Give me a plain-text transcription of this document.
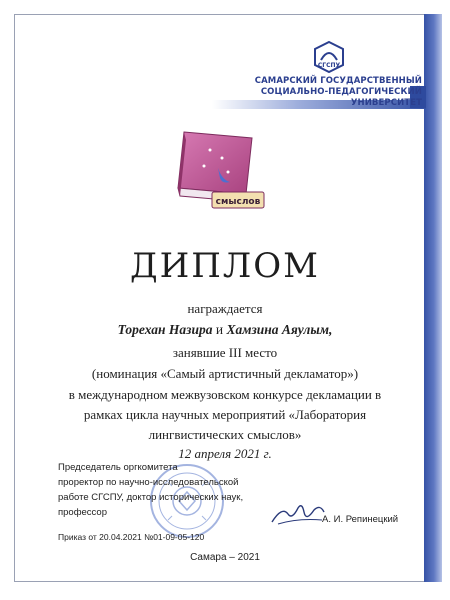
СГСПУ
САМАРСКИЙ ГОСУДАРСТВЕННЫЙ
СОЦИАЛЬНО-ПЕДАГОГИЧЕСКИЙ УНИВЕРСИТЕТ
смыслов
ДИПЛОМ
награждается
Торехан Назира и Хамзина Аяулым,
занявшие III место
(номинация «Самый артистичный декламатор»)
в международном межвузовском конкурсе декламации в
рамках цикла научных мероприятий «Лаборатория
лингвистических смыслов»
12 апреля 2021 г.
Председатель оргкомитета
проректор по научно-исследовательской
работе СГСПУ, доктор исторических наук,
профессор
А. И. Репинецкий
Приказ от 20.04.2021 №01-09-05-120
Самара – 2021
